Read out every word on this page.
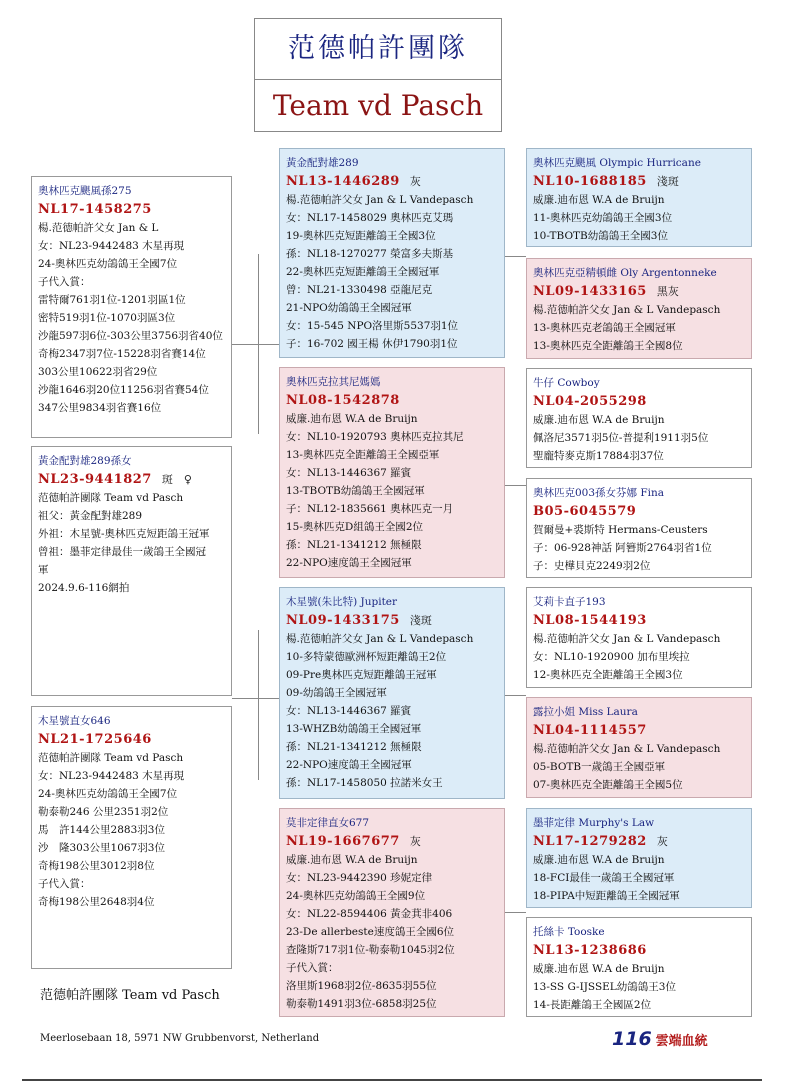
范德帕許團隊
Team vd Pasch
奧林匹克颶風孫275
NL17-1458275
楊.范德帕許父女 Jan & L
女：NL23-9442483 木星再現
24-奧林匹克幼鴿鴿王全國7位
子代入賞：
雷特爾761羽1位-1201羽區1位
密特519羽1位-1070羽區3位
沙龍597羽6位-303公里3756羽省40位
奇梅2347羽7位-15228羽省賽14位
303公里10622羽省29位
沙龍1646羽20位11256羽省賽54位
347公里9834羽省賽16位
黃金配對雄289孫女
NL23-9441827 斑　♀
范德帕許團隊 Team vd Pasch
祖父：黃金配對雄289
外祖：木星號-奧林匹克短距鴿王冠軍
曾祖：墨菲定律最佳一歲鴿王全國冠
軍
2024.9.6-116網拍
木星號直女646
NL21-1725646
范德帕許團隊 Team vd Pasch
女：NL23-9442483 木星再現
24-奧林匹克幼鴿鴿王全國7位
勒泰勒246 公里2351羽2位
馬　許144公里2883羽3位
沙　隆303公里1067羽3位
奇梅198公里3012羽8位
子代入賞：
奇梅198公里2648羽4位
黃金配對雄289
NL13-1446289 灰
楊.范德帕許父女 Jan & L Vandepasch
女：NL17-1458029 奧林匹克艾瑪
19-奧林匹克短距離鴿王全國3位
孫：NL18-1270277 榮富多夫斯基
22-奧林匹克短距離鴿王全國冠軍
曾：NL21-1330498 亞龍尼克
21-NPO幼鴿鴿王全國冠軍
女：15-545 NPO洛里斯5537羽1位
子：16-702 國王楊 休伊1790羽1位
奧林匹克拉其尼媽媽
NL08-1542878
威廉.迪布恩 W.A de Bruijn
女：NL10-1920793 奧林匹克拉其尼
13-奧林匹克全距離鴿王全國亞軍
女：NL13-1446367 羅賓
13-TBOTB幼鴿鴿王全國冠軍
子：NL12-1835661 奧林匹克一月
15-奧林匹克D組鴿王全國2位
孫：NL21-1341212 無極限
22-NPO速度鴿王全國冠軍
木星號(朱比特) Jupiter
NL09-1433175 淺斑
楊.范德帕許父女 Jan & L Vandepasch
10-多特蒙德歐洲杯短距離鴿王2位
09-Pre奧林匹克短距離鴿王冠軍
09-幼鴿鴿王全國冠軍
女：NL13-1446367 羅賓
13-WHZB幼鴿鴿王全國冠軍
孫：NL21-1341212 無極限
22-NPO速度鴿王全國冠軍
孫：NL17-1458050 拉諾米女王
莫非定律直女677
NL19-1667677 灰
威廉.迪布恩 W.A de Bruijn
女：NL23-9442390 珍妮定律
24-奧林匹克幼鴿鴿王全國9位
女：NL22-8594406 黃金萁非406
23-De allerbeste速度鴿王全國6位
查隆斯717羽1位-勒泰勒1045羽2位
子代入賞：
洛里斯1968羽2位-8635羽55位
勒泰勒1491羽3位-6858羽25位
奧林匹克颶風 Olympic Hurricane
NL10-1688185 淺斑
威廉.迪布恩 W.A de Bruijn
11-奧林匹克幼鴿鴿王全國3位
10-TBOTB幼鴿鴿王全國3位
奧林匹克亞精頓雌 Oly Argentonneke
NL09-1433165 黑灰
楊.范德帕許父女 Jan & L Vandepasch
13-奧林匹克老鴿鴿王全國冠軍
13-奧林匹克全距離鴿王全國8位
牛仔 Cowboy
NL04-2055298
威廉.迪布恩 W.A de Bruijn
佩洛尼3571羽5位-普提利1911羽5位
聖龐特麥克斯17884羽37位
奧林匹克003孫女芬娜 Fina
B05-6045579
賀爾曼+裘斯特 Hermans-Ceusters
子：06-928神話 阿簪斯2764羽省1位
子：史樺貝克2249羽2位
艾莉卡直子193
NL08-1544193
楊.范德帕許父女 Jan & L Vandepasch
女：NL10-1920900 加布里埃拉
12-奧林匹克全距離鴿王全國3位
露拉小姐 Miss Laura
NL04-1114557
楊.范德帕許父女 Jan & L Vandepasch
05-BOTB一歲鴿王全國亞軍
07-奧林匹克全距離鴿王全國5位
墨菲定律 Murphy's Law
NL17-1279282 灰
威廉.迪布恩 W.A de Bruijn
18-FCI最佳一歲鴿王全國冠軍
18-PIPA中短距離鴿王全國冠軍
托絲卡 Tooske
NL13-1238686
威廉.迪布恩 W.A de Bruijn
13-SS G-IJSSEL幼鴿鴿王3位
14-長距離鴿王全國區2位
范德帕許團隊 Team vd Pasch
Meerlosebaan 18, 5971 NW Grubbenvorst, Netherland	116 雲端血統
